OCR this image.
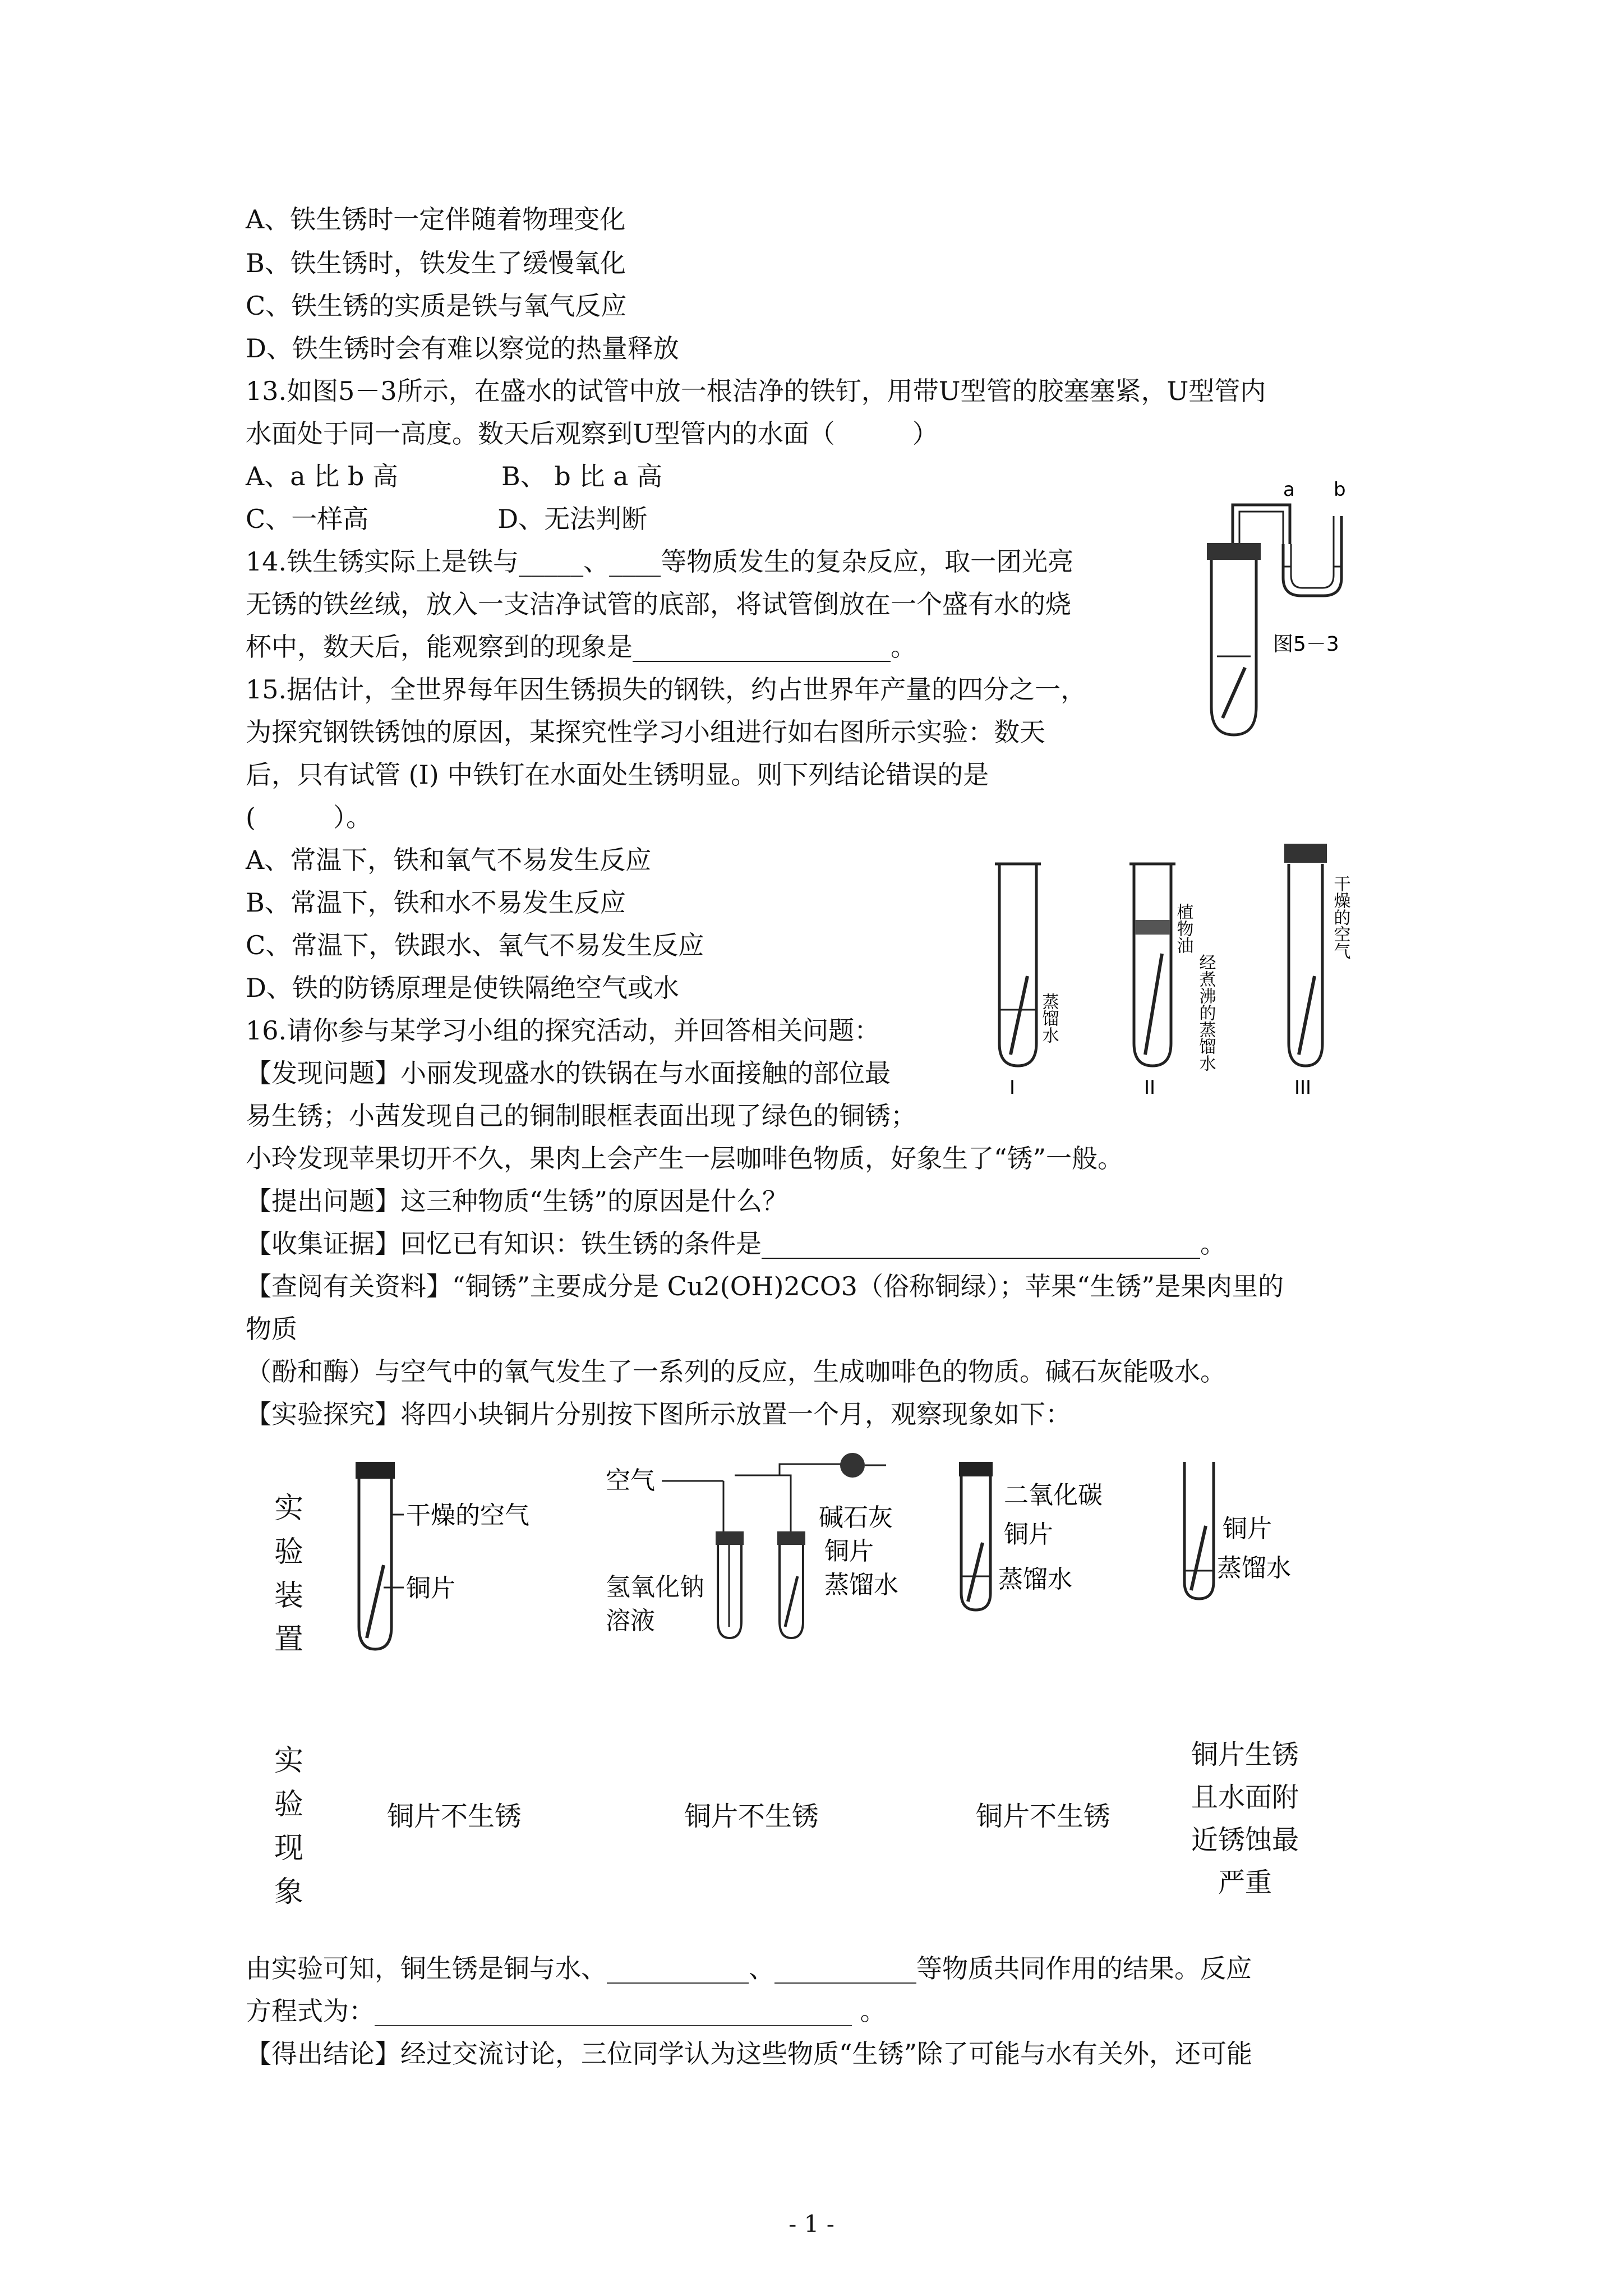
A、铁生锈时一定伴随着物理变化
B、铁生锈时，铁发生了缓慢氧化
C、铁生锈的实质是铁与氧气反应
D、铁生锈时会有难以察觉的热量释放
13.如图5－3所示，在盛水的试管中放一根洁净的铁钉，用带U型管的胶塞塞紧，U型管内
水面处于同一高度。数天后观察到U型管内的水面（　　　）
A、a 比 b 高　　　　B、 b 比 a 高
C、一样高　　　　　D、无法判断
14.铁生锈实际上是铁与_____、____等物质发生的复杂反应，取一团光亮
无锈的铁丝绒，放入一支洁净试管的底部，将试管倒放在一个盛有水的烧
杯中，数天后，能观察到的现象是____________________。
15.据估计，全世界每年因生锈损失的钢铁，约占世界年产量的四分之一，
为探究钢铁锈蚀的原因，某探究性学习小组进行如右图所示实验：数天
后，只有试管 (I) 中铁钉在水面处生锈明显。则下列结论错误的是
(　　　）。
A、常温下，铁和氧气不易发生反应
B、常温下，铁和水不易发生反应
C、常温下，铁跟水、氧气不易发生反应
D、铁的防锈原理是使铁隔绝空气或水
16.请你参与某学习小组的探究活动，并回答相关问题：
【发现问题】小丽发现盛水的铁锅在与水面接触的部位最
易生锈；小茜发现自己的铜制眼框表面出现了绿色的铜锈；
小玲发现苹果切开不久，果肉上会产生一层咖啡色物质，好象生了“锈”一般。
【提出问题】这三种物质“生锈”的原因是什么？
【收集证据】回忆已有知识：铁生锈的条件是__________________________________。
【查阅有关资料】“铜锈”主要成分是 Cu2(OH)2CO3（俗称铜绿）；苹果“生锈”是果肉里的
物质
（酚和酶）与空气中的氧气发生了一系列的反应，生成咖啡色的物质。碱石灰能吸水。
【实验探究】将四小块铜片分别按下图所示放置一个月，观察现象如下：
由实验可知，铜生锈是铜与水、___________、___________等物质共同作用的结果。反应
方程式为：_____________________________________ 。
【得出结论】经过交流讨论，三位同学认为这些物质“生锈”除了可能与水有关外，还可能
a b
图5－3
蒸馏水
I
植物油
经煮沸的蒸馏水
II
干燥的空气
III
实验装置
实验现象
干燥的空气
铜片
空气
碱石灰
铜片
蒸馏水
氢氧化钠溶液
二氧化碳
铜片
蒸馏水
铜片
蒸馏水
铜片不生锈	铜片不生锈	铜片不生锈
铜片生锈且水面附近锈蚀最严重
- 1 -
